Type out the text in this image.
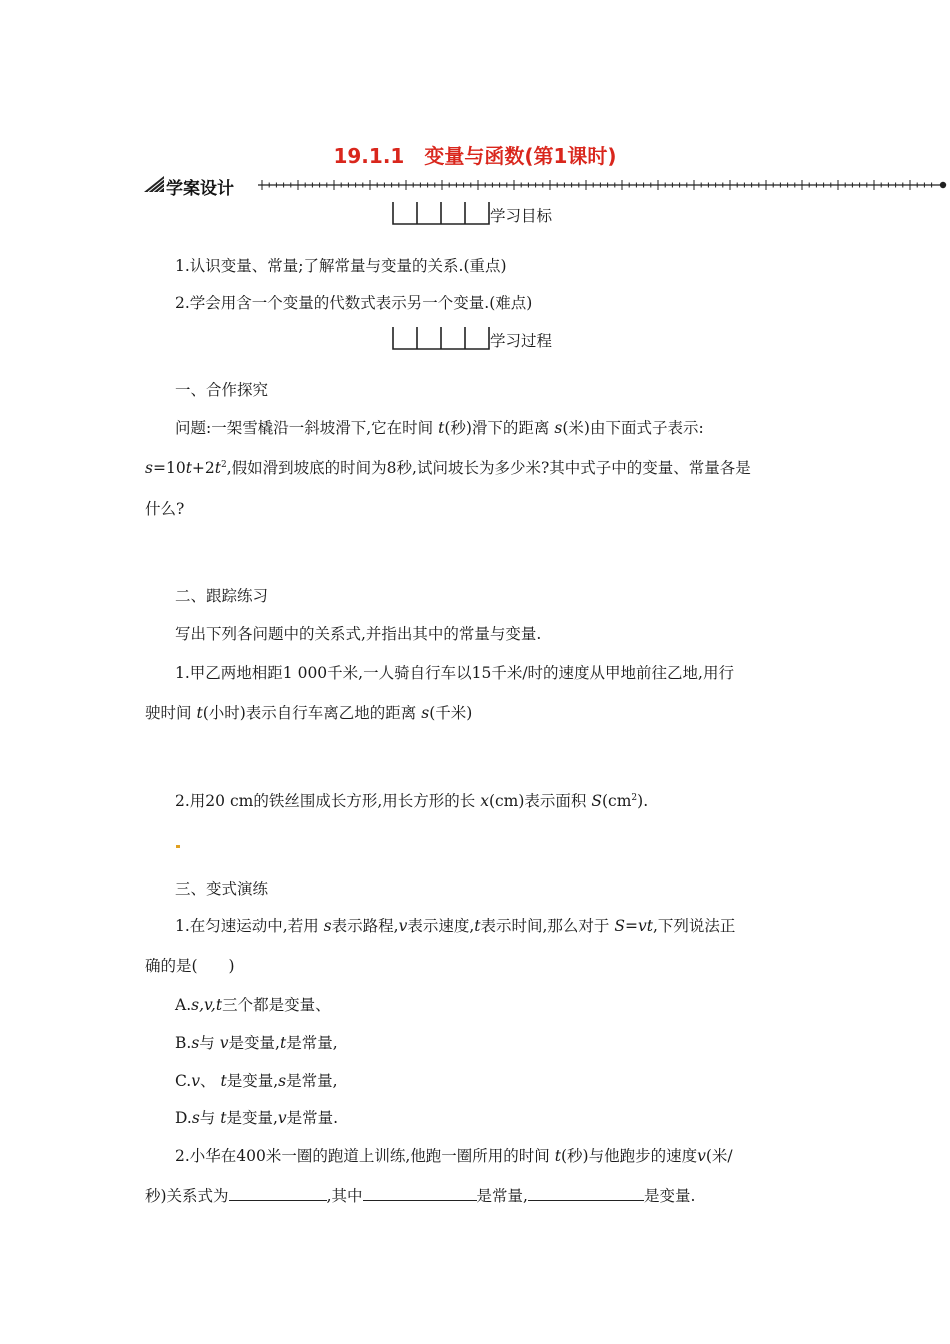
19.1.1　变量与函数(第1课时)
学案设计
学习目标
1.认识变量、常量;了解常量与变量的关系.(重点)
2.学会用含一个变量的代数式表示另一个变量.(难点)
学习过程
一、合作探究
问题:一架雪橇沿一斜坡滑下,它在时间 t(秒)滑下的距离 s(米)由下面式子表示:
$s=10t+2t^2$,假如滑到坡底的时间为8秒,试问坡长为多少米?其中式子中的变量、常量各是
什么?
二、跟踪练习
写出下列各问题中的关系式,并指出其中的常量与变量.
1.甲乙两地相距1 000千米,一人骑自行车以15千米/时的速度从甲地前往乙地,用行
驶时间 t(小时)表示自行车离乙地的距离 s(千米)
2.用20 cm的铁丝围成长方形,用长方形的长 x(cm)表示面积 $S(cm^2)$.
三、变式演练
1.在匀速运动中,若用 s表示路程,v表示速度,t表示时间,那么对于 S=vt,下列说法正
确的是(　　)
A.s,v,t三个都是变量、
B.s与 v是变量,t是常量,
C.v、 t是变量,s是常量,
D.s与 t是变量,v是常量.
2.小华在400米一圈的跑道上训练,他跑一圈所用的时间 t(秒)与他跑步的速度v(米/
秒)关系式为	,其中	是常量,	是变量.
